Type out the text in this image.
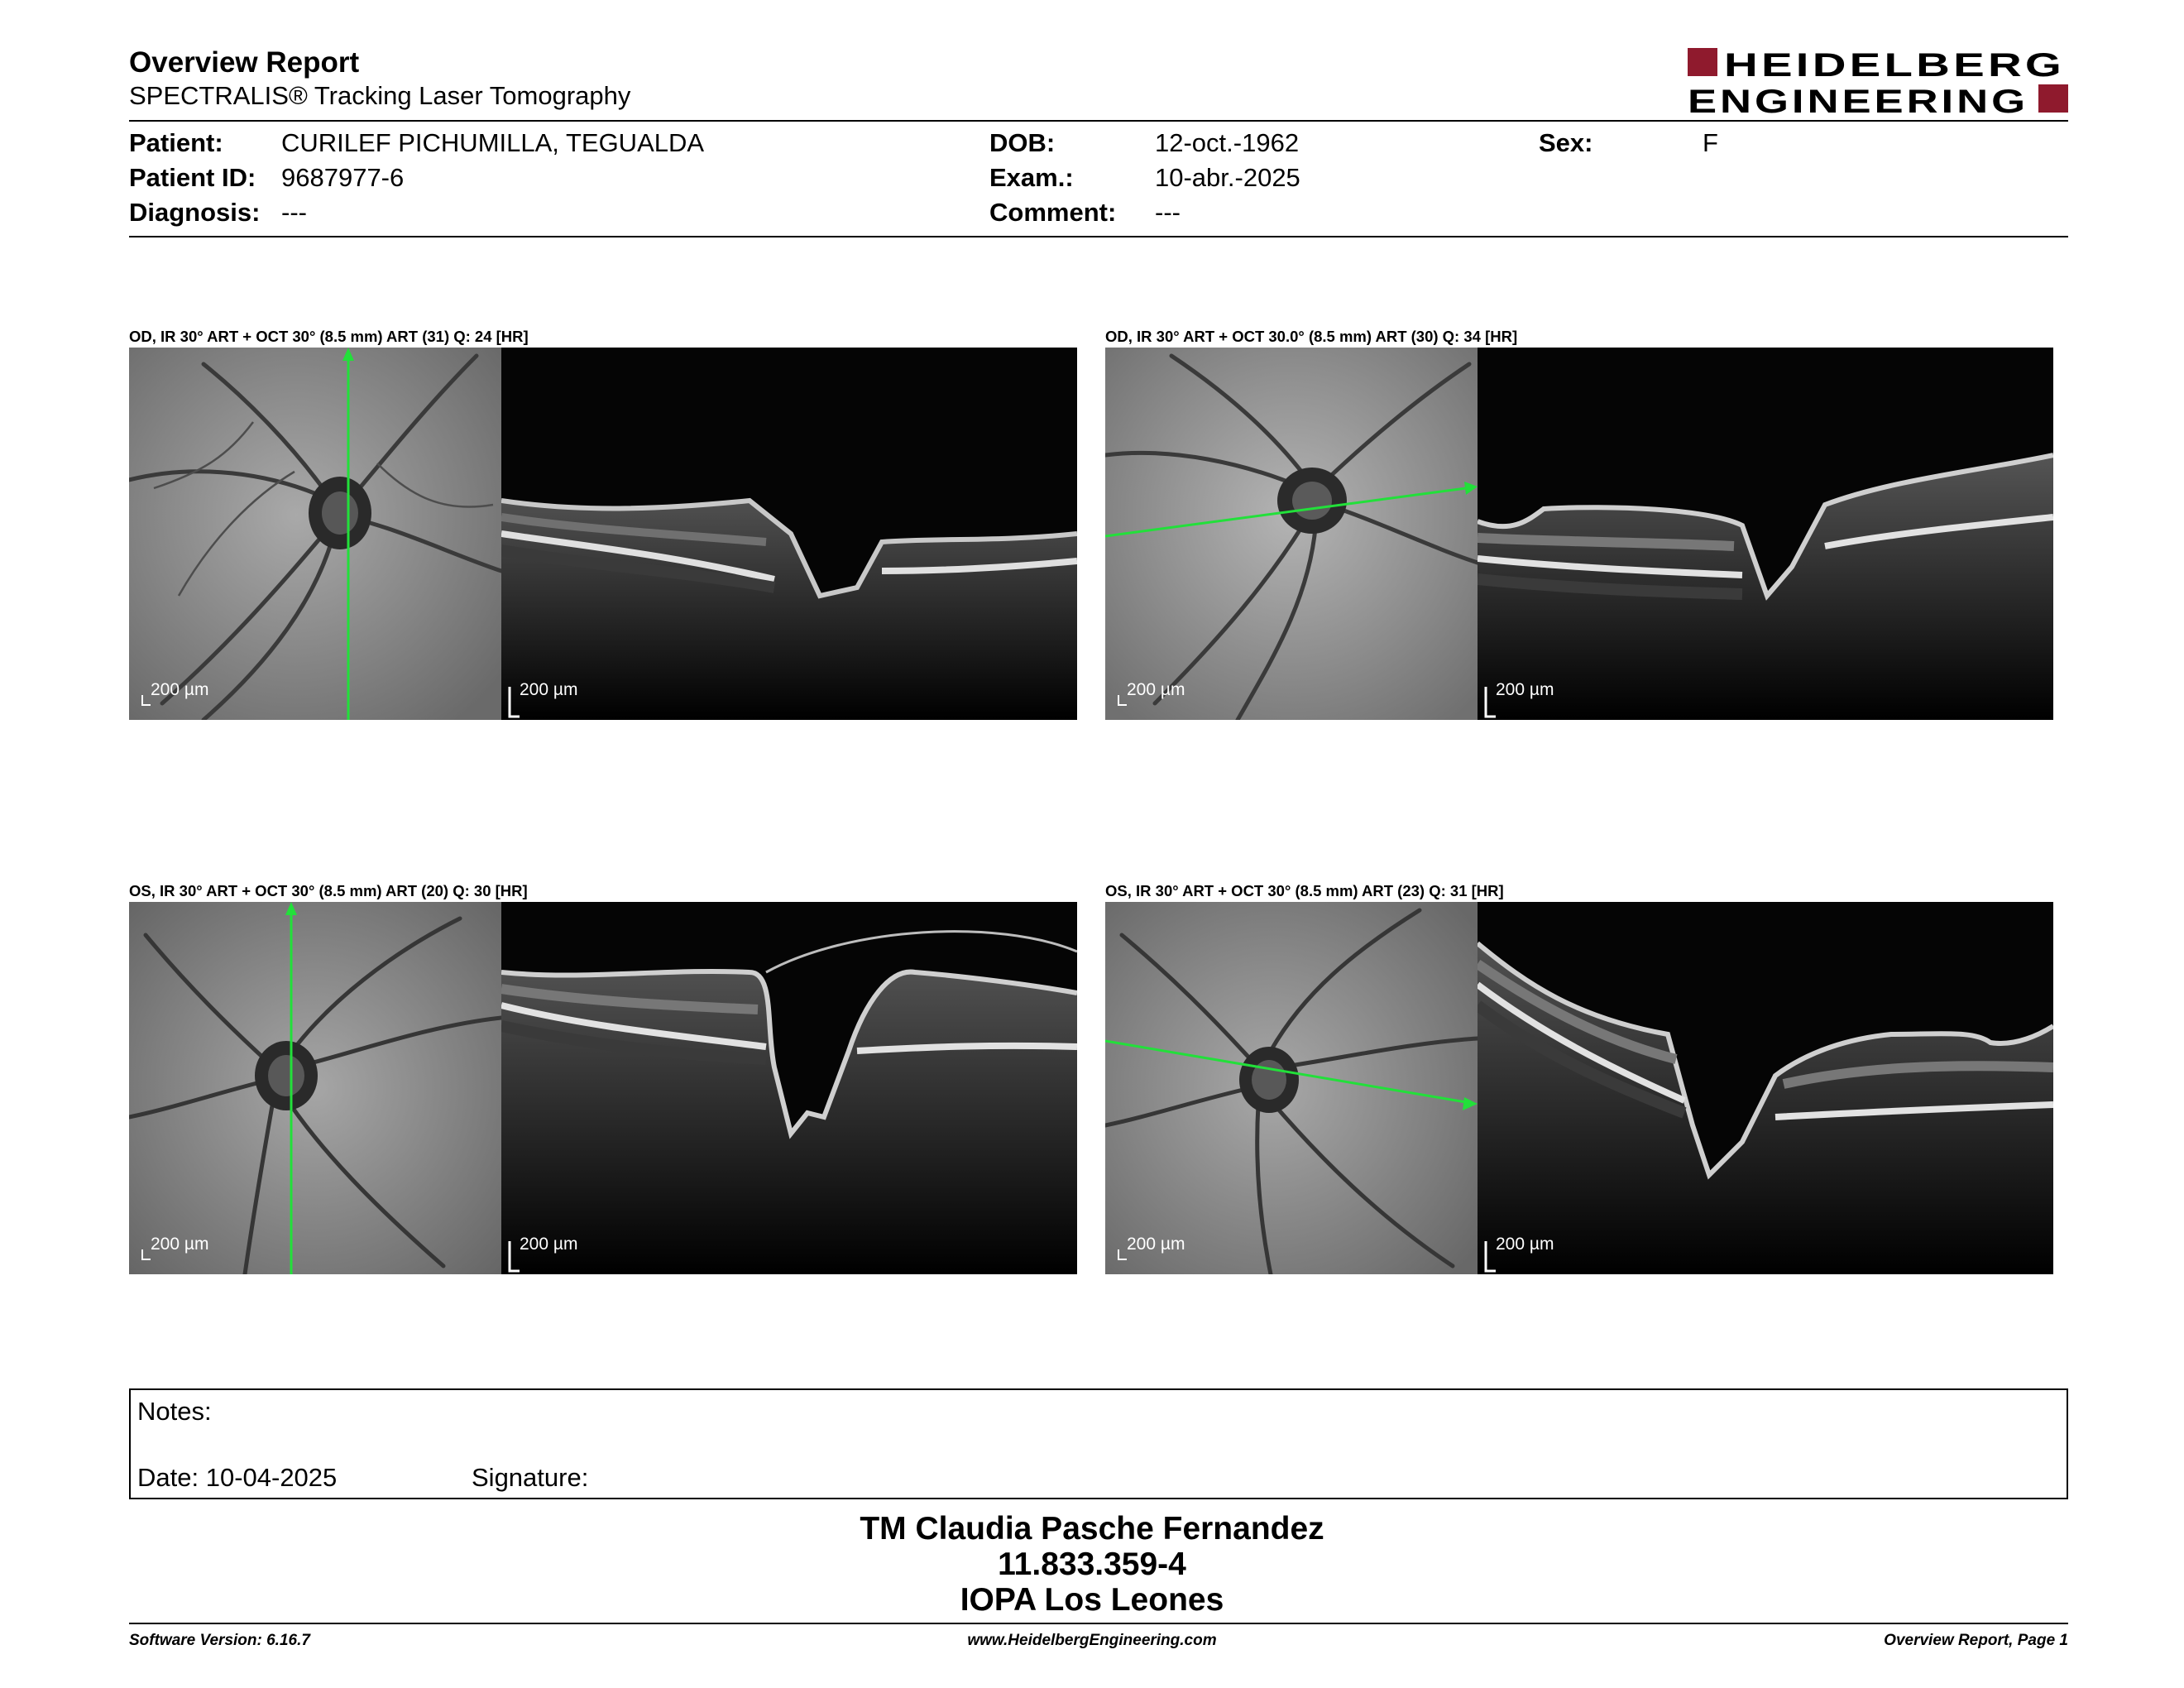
Overview Report
SPECTRALIS® Tracking Laser Tomography
HEIDELBERG
ENGINEERING
Patient: CURILEF PICHUMILLA, TEGUALDA
Patient ID: 9687977-6
Diagnosis: ---
DOB:	12-oct.-1962
Exam.:	10-abr.-2025
Comment: ---
Sex:	F
OD, IR 30° ART + OCT 30° (8.5 mm) ART (31) Q: 24 [HR]
200 µm	200 µm
OD, IR 30° ART + OCT 30.0° (8.5 mm) ART (30) Q: 34 [HR]
200 µm	200 µm
OS, IR 30° ART + OCT 30° (8.5 mm) ART (20) Q: 30 [HR]
200 µm	200 µm
OS, IR 30° ART + OCT 30° (8.5 mm) ART (23) Q: 31 [HR]
200 µm	200 µm
Notes:
Date: 10-04-2025	Signature:
TM Claudia Pasche Fernandez
11.833.359-4
IOPA Los Leones
Software Version: 6.16.7	www.HeidelbergEngineering.com	Overview Report, Page 1
